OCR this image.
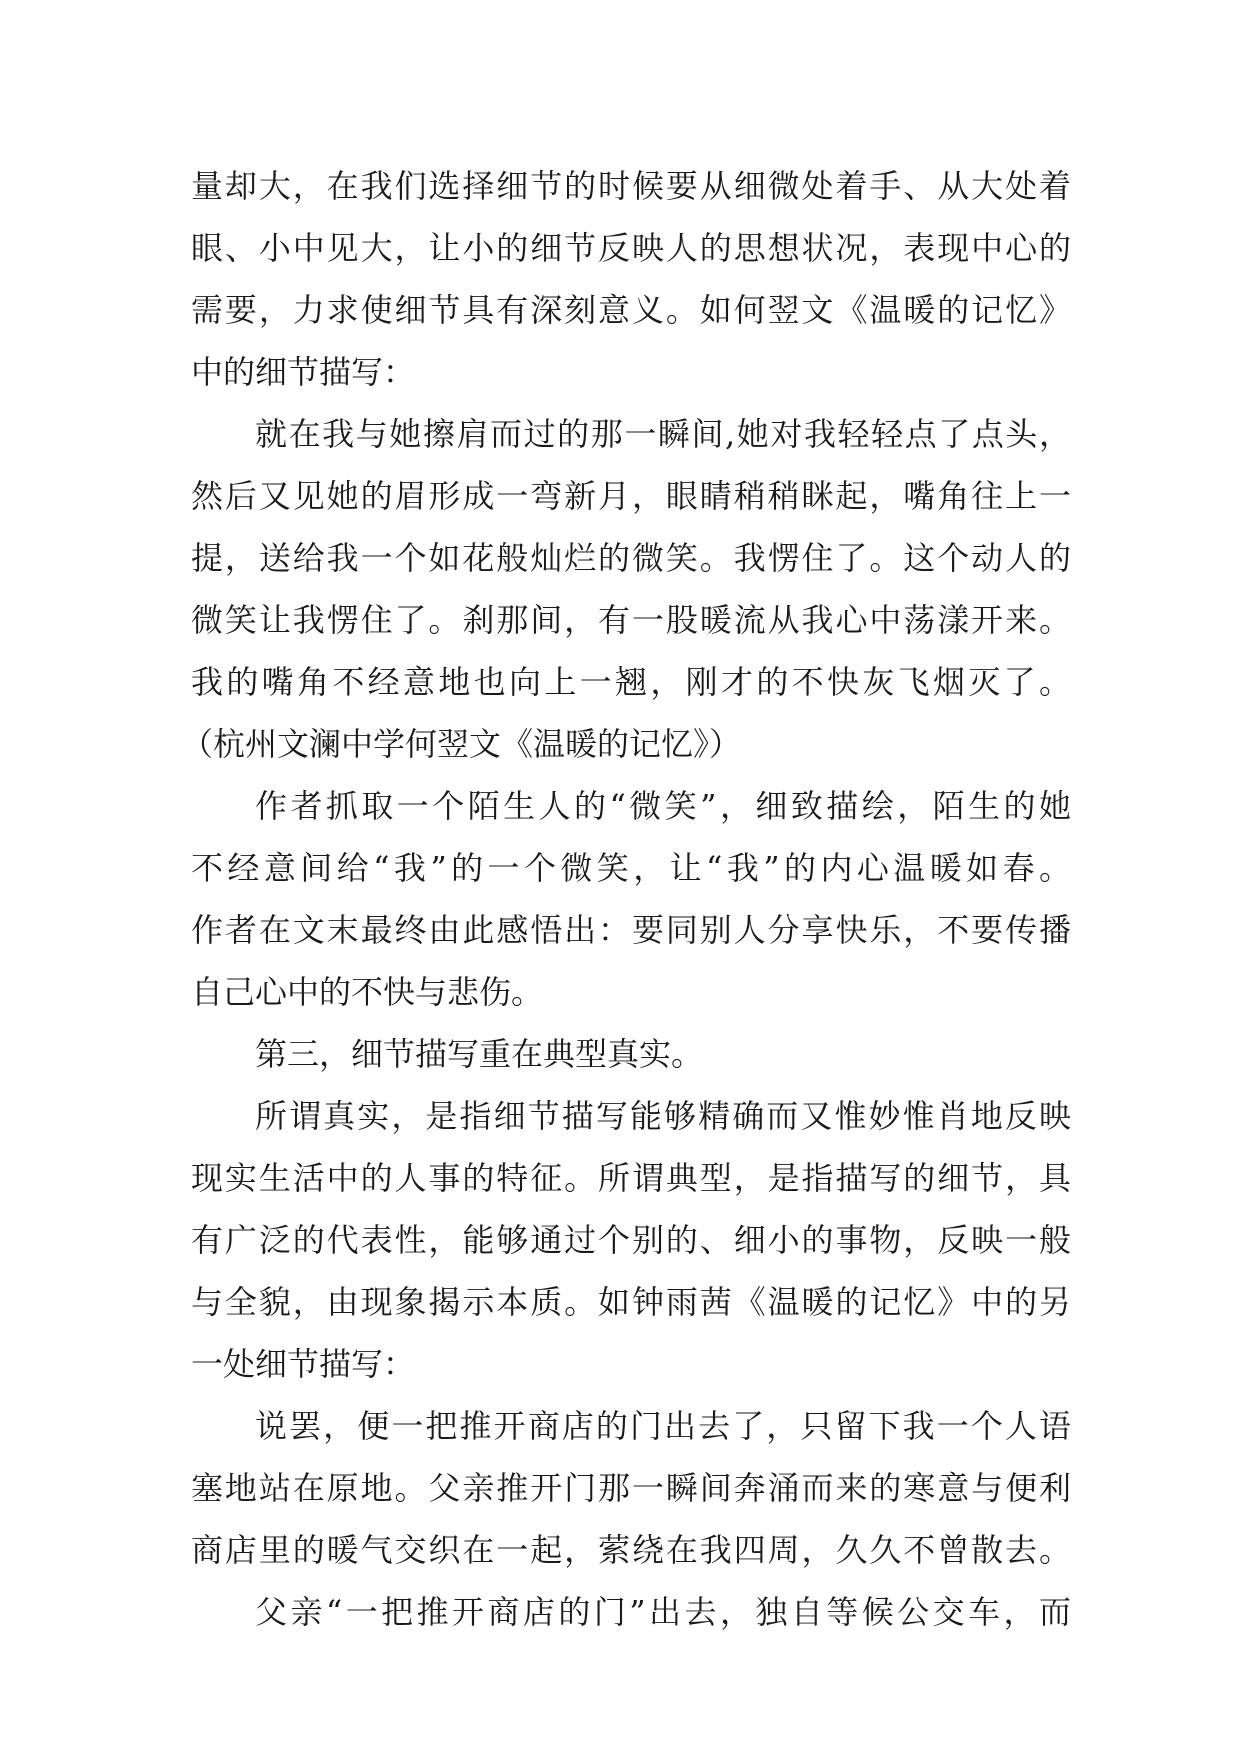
量却大，在我们选择细节的时候要从细微处着手、从大处着
眼、小中见大，让小的细节反映人的思想状况，表现中心的
需要，力求使细节具有深刻意义。如何翌文《温暖的记忆》
中的细节描写：
就在我与她擦肩而过的那一瞬间,她对我轻轻点了点头，
然后又见她的眉形成一弯新月，眼睛稍稍眯起，嘴角往上一
提，送给我一个如花般灿烂的微笑。我愣住了。这个动人的
微笑让我愣住了。刹那间，有一股暖流从我心中荡漾开来。
我的嘴角不经意地也向上一翘，刚才的不快灰飞烟灭了。
（杭州文澜中学何翌文《温暖的记忆》）
作者抓取一个陌生人的“微笑”，细致描绘，陌生的她
不经意间给“我”的一个微笑，让“我”的内心温暖如春。
作者在文末最终由此感悟出：要同别人分享快乐，不要传播
自己心中的不快与悲伤。
第三，细节描写重在典型真实。
所谓真实，是指细节描写能够精确而又惟妙惟肖地反映
现实生活中的人事的特征。所谓典型，是指描写的细节，具
有广泛的代表性，能够通过个别的、细小的事物，反映一般
与全貌，由现象揭示本质。如钟雨茜《温暖的记忆》中的另
一处细节描写：
说罢，便一把推开商店的门出去了，只留下我一个人语
塞地站在原地。父亲推开门那一瞬间奔涌而来的寒意与便利
商店里的暖气交织在一起，萦绕在我四周，久久不曾散去。
父亲“一把推开商店的门”出去，独自等候公交车，而
